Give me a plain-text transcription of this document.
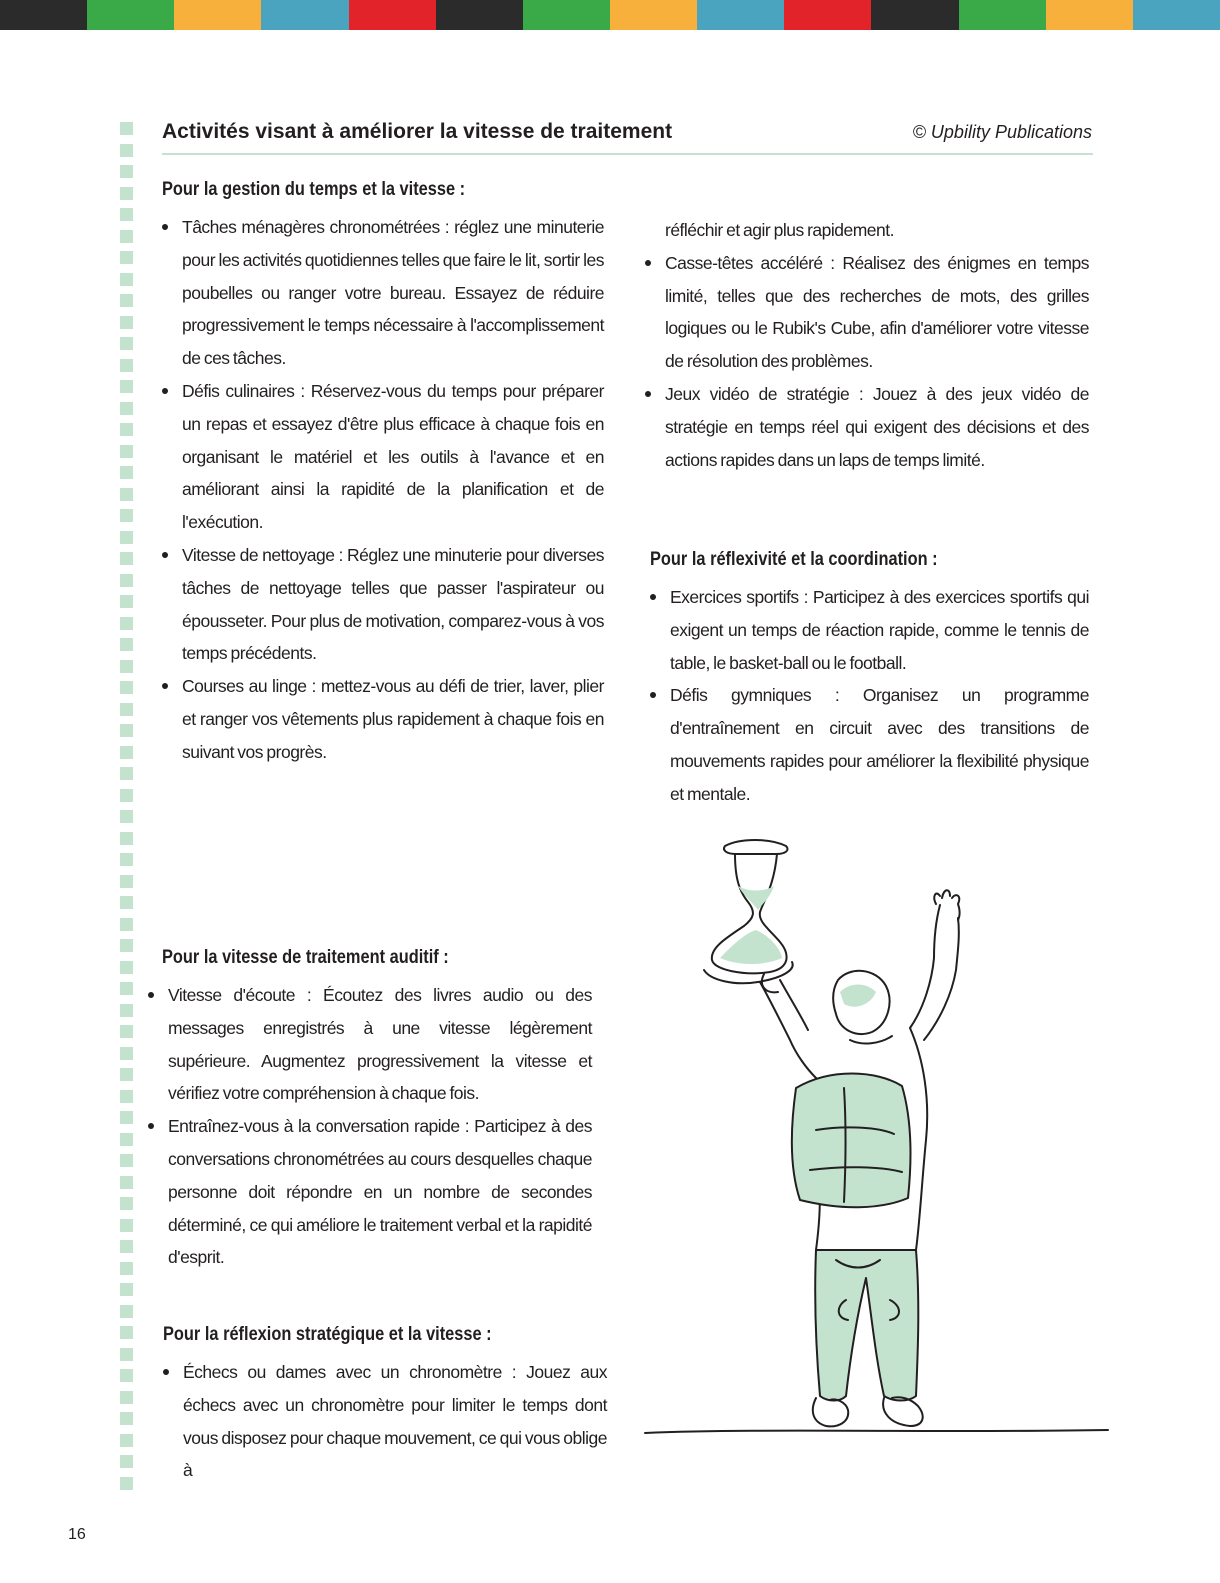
Activités visant à améliorer la vitesse de traitement	© Upbility Publications
Pour la gestion du temps et la vitesse :
Tâches ménagères chronométrées : réglez une minuterie pour les activités quotidiennes telles que faire le lit, sortir les poubelles ou ranger votre bureau. Essayez de réduire progressivement le temps nécessaire à l'accomplissement de ces tâches.
Défis culinaires : Réservez-vous du temps pour préparer un repas et essayez d'être plus efficace à chaque fois en organisant le matériel et les outils à l'avance et en améliorant ainsi la rapidité de la planification et de l'exécution.
Vitesse de nettoyage : Réglez une minuterie pour diverses tâches de nettoyage telles que passer l'aspirateur ou épousseter. Pour plus de motivation, comparez-vous à vos temps précédents.
Courses au linge : mettez-vous au défi de trier, laver, plier et ranger vos vêtements plus rapidement à chaque fois en suivant vos progrès.
Pour la vitesse de traitement auditif :
Vitesse d'écoute : Écoutez des livres audio ou des messages enregistrés à une vitesse légèrement supérieure. Augmentez progressivement la vitesse et vérifiez votre compréhension à chaque fois.
Entraînez-vous à la conversation rapide : Participez à des conversations chronométrées au cours desquelles chaque personne doit répondre en un nombre de secondes déterminé, ce qui améliore le traitement verbal et la rapidité d'esprit.
Pour la réflexion stratégique et la vitesse :
Échecs ou dames avec un chronomètre : Jouez aux échecs avec un chronomètre pour limiter le temps dont vous disposez pour chaque mouvement, ce qui vous oblige à
réfléchir et agir plus rapidement.
Casse-têtes accéléré : Réalisez des énigmes en temps limité, telles que des recherches de mots, des grilles logiques ou le Rubik's Cube, afin d'améliorer votre vitesse de résolution des problèmes.
Jeux vidéo de stratégie : Jouez à des jeux vidéo de stratégie en temps réel qui exigent des décisions et des actions rapides dans un laps de temps limité.
Pour la réflexivité et la coordination :
Exercices sportifs : Participez à des exercices sportifs qui exigent un temps de réaction rapide, comme le tennis de table, le basket-ball ou le football.
Défis gymniques : Organisez un programme d'entraînement en circuit avec des transitions de mouvements rapides pour améliorer la flexibilité physique et mentale.
16
